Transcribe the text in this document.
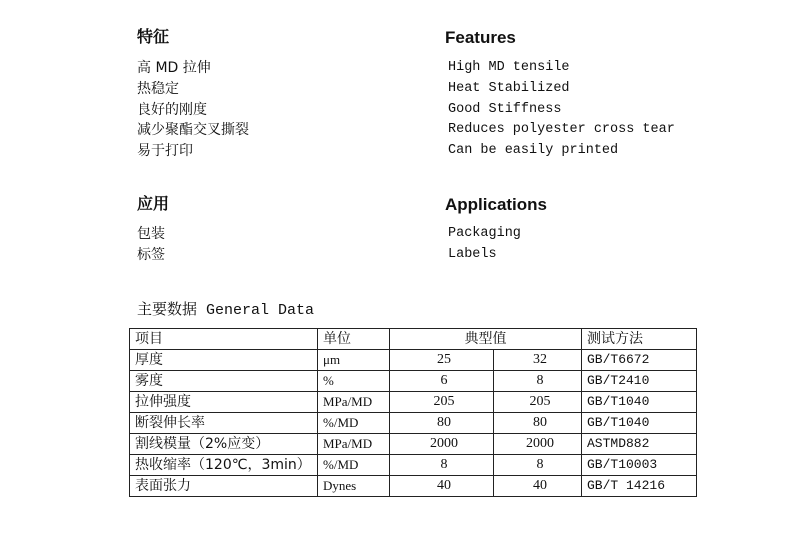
特征	Features
高 MD 拉伸
热稳定
良好的刚度
减少聚酯交叉撕裂
易于打印
High MD tensile
Heat Stabilized
Good Stiffness
Reduces polyester cross tear
Can be easily printed
应用	Applications
包装
标签
Packaging
Labels
主要数据 General Data
项目	单位	典型值		测试方法
厚度	μm	25	32	GB/T6672
雾度	%	6	8	GB/T2410
拉伸强度	MPa/MD	205	205	GB/T1040
断裂伸长率	%/MD	80	80	GB/T1040
割线模量（2%应变）	MPa/MD	2000	2000	ASTMD882
热收缩率（120℃，3min）	%/MD	8	8	GB/T10003
表面张力	Dynes	40	40	GB/T 14216
